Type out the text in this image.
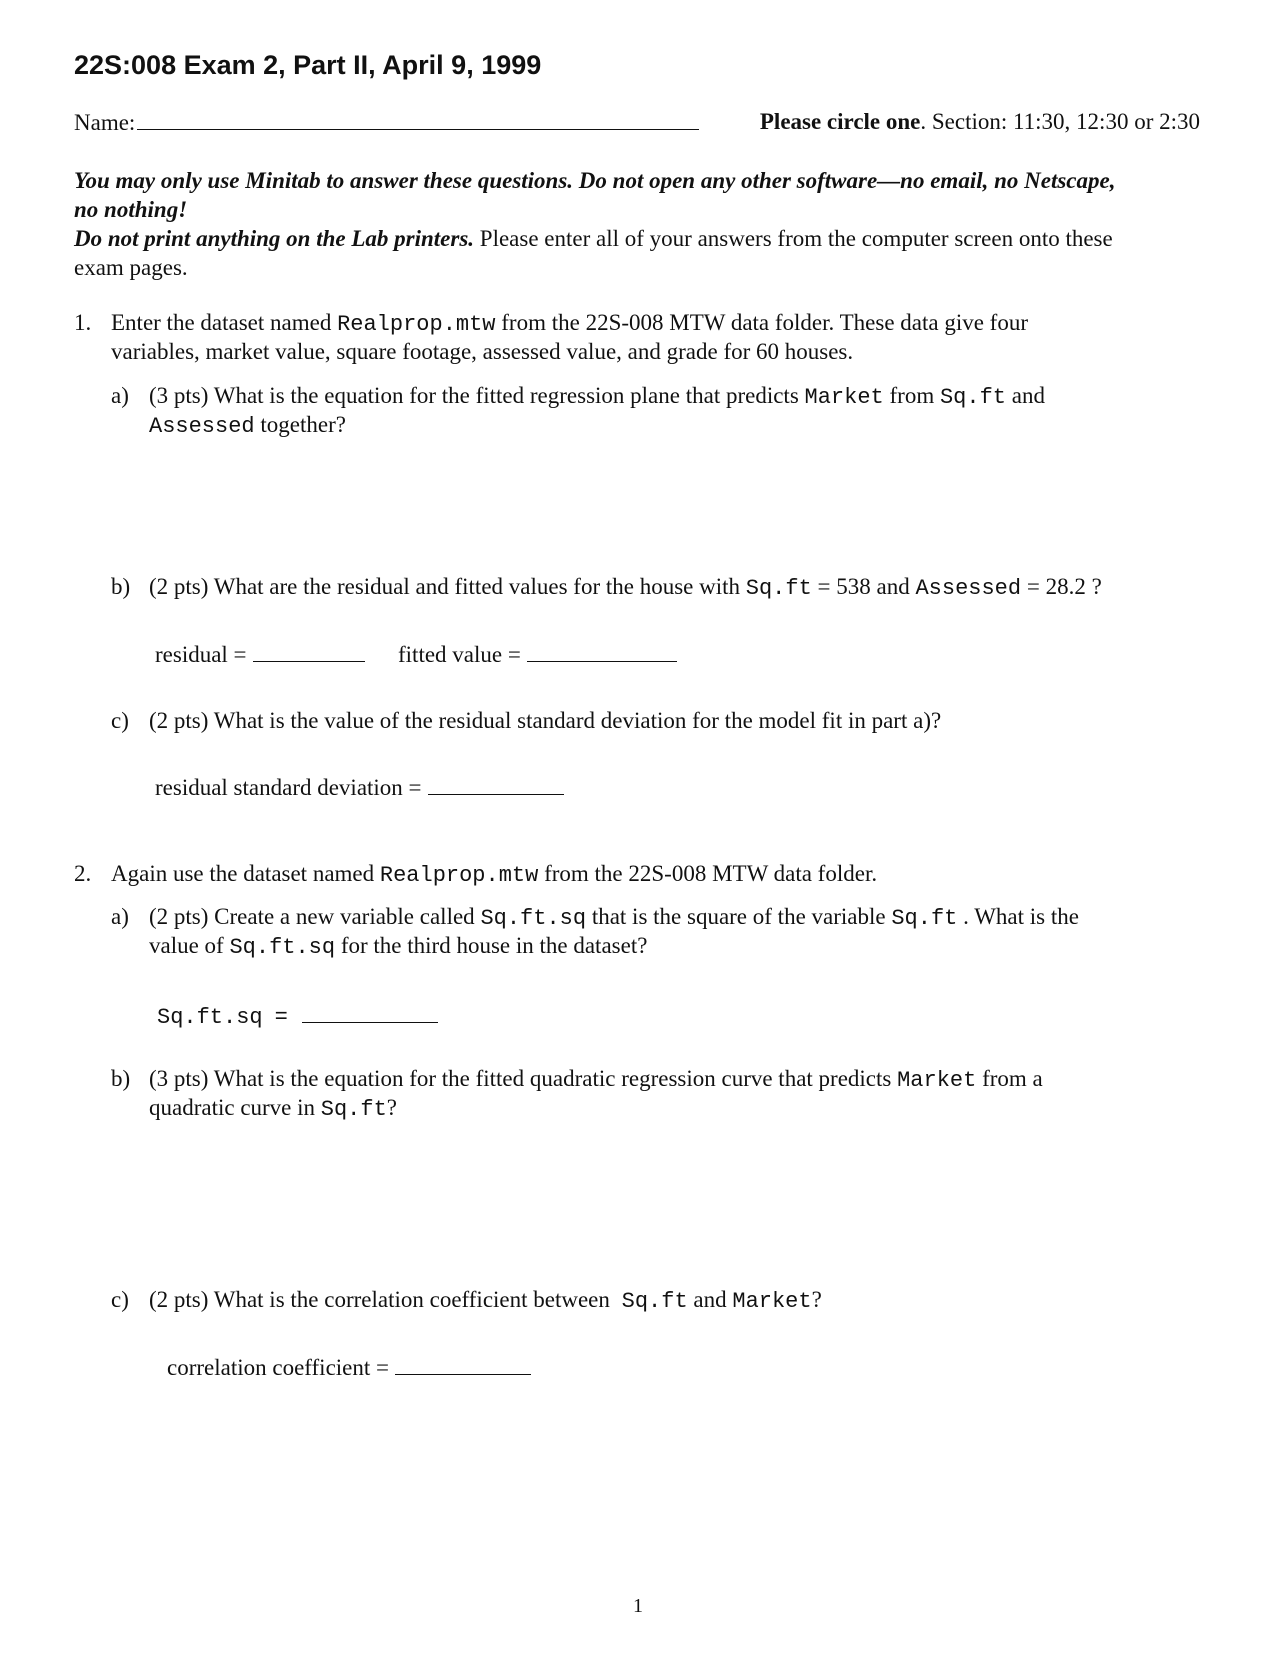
22S:008 Exam 2, Part II, April 9, 1999
Name:	Please circle one. Section: 11:30, 12:30 or 2:30
You may only use Minitab to answer these questions. Do not open any other software—no email, no Netscape,
no nothing!
Do not print anything on the Lab printers. Please enter all of your answers from the computer screen onto these
exam pages.
1. Enter the dataset named Realprop.mtw from the 22S-008 MTW data folder. These data give four
variables, market value, square footage, assessed value, and grade for 60 houses.
a) (3 pts) What is the equation for the fitted regression plane that predicts Market from Sq.ft and
Assessed together?
b) (2 pts) What are the residual and fitted values for the house with Sq.ft = 538 and Assessed = 28.2 ?
residual =	fitted value =
c) (2 pts) What is the value of the residual standard deviation for the model fit in part a)?
residual standard deviation =
2. Again use the dataset named Realprop.mtw from the 22S-008 MTW data folder.
a) (2 pts) Create a new variable called Sq.ft.sq that is the square of the variable Sq.ft . What is the
value of Sq.ft.sq for the third house in the dataset?
Sq.ft.sq =
b) (3 pts) What is the equation for the fitted quadratic regression curve that predicts Market from a
quadratic curve in Sq.ft?
c) (2 pts) What is the correlation coefficient between Sq.ft and Market?
correlation coefficient =
1
